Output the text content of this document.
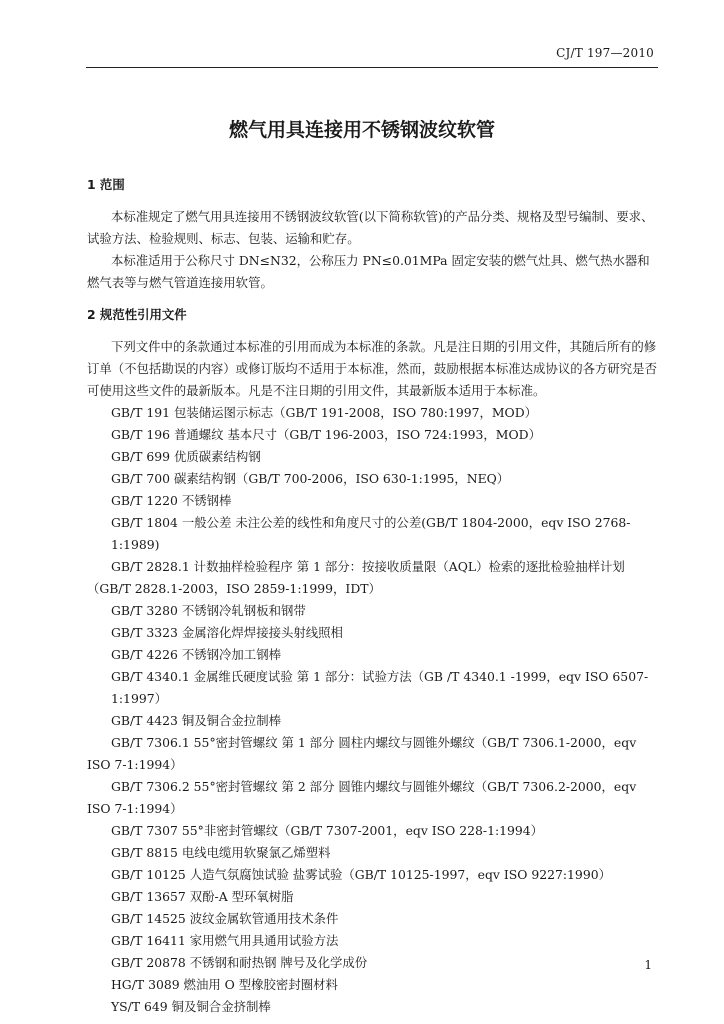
CJ/T 197—2010
燃气用具连接用不锈钢波纹软管

1 范围

本标准规定了燃气用具连接用不锈钢波纹软管(以下简称软管)的产品分类、规格及型号编制、要求、试验方法、检验规则、标志、包装、运输和贮存。

本标准适用于公称尺寸 DN≤N32，公称压力 PN≤0.01MPa 固定安装的燃气灶具、燃气热水器和燃气表等与燃气管道连接用软管。

2 规范性引用文件

下列文件中的条款通过本标准的引用而成为本标准的条款。凡是注日期的引用文件，其随后所有的修订单（不包括勘误的内容）或修订版均不适用于本标准，然而，鼓励根据本标准达成协议的各方研究是否可使用这些文件的最新版本。凡是不注日期的引用文件，其最新版本适用于本标准。

GB/T 191 包装储运图示标志（GB/T 191-2008，ISO 780:1997，MOD）

GB/T 196 普通螺纹 基本尺寸（GB/T 196-2003，ISO 724:1993，MOD）

GB/T 699 优质碳素结构钢

GB/T 700 碳素结构钢（GB/T 700-2006，ISO 630-1:1995，NEQ）

GB/T 1220 不锈钢棒

GB/T 1804 一般公差 未注公差的线性和角度尺寸的公差(GB/T 1804-2000，eqv ISO 2768-1:1989)

GB/T 2828.1 计数抽样检验程序 第 1 部分：按接收质量限（AQL）检索的逐批检验抽样计划
（GB/T 2828.1-2003，ISO 2859-1:1999，IDT）

GB/T 3280 不锈钢冷轧钢板和钢带

GB/T 3323 金属溶化焊焊接接头射线照相

GB/T 4226 不锈钢冷加工钢棒

GB/T 4340.1 金属维氏硬度试验 第 1 部分：试验方法（GB /T 4340.1 -1999，eqv ISO 6507-1:1997）

GB/T 4423 铜及铜合金拉制棒

GB/T 7306.1 55°密封管螺纹 第 1 部分 圆柱内螺纹与圆锥外螺纹（GB/T 7306.1-2000，eqv
ISO 7-1:1994）

GB/T 7306.2 55°密封管螺纹 第 2 部分 圆锥内螺纹与圆锥外螺纹（GB/T 7306.2-2000，eqv
ISO 7-1:1994）

GB/T 7307 55°非密封管螺纹（GB/T 7307-2001，eqv ISO 228-1:1994）

GB/T 8815 电线电缆用软聚氯乙烯塑料

GB/T 10125 人造气氛腐蚀试验 盐雾试验（GB/T 10125-1997，eqv ISO 9227:1990）

GB/T 13657 双酚-A 型环氧树脂

GB/T 14525 波纹金属软管通用技术条件

GB/T 16411 家用燃气用具通用试验方法

GB/T 20878 不锈钢和耐热钢 牌号及化学成份

HG/T 3089 燃油用 O 型橡胶密封圈材料

YS/T 649 铜及铜合金挤制棒

1
